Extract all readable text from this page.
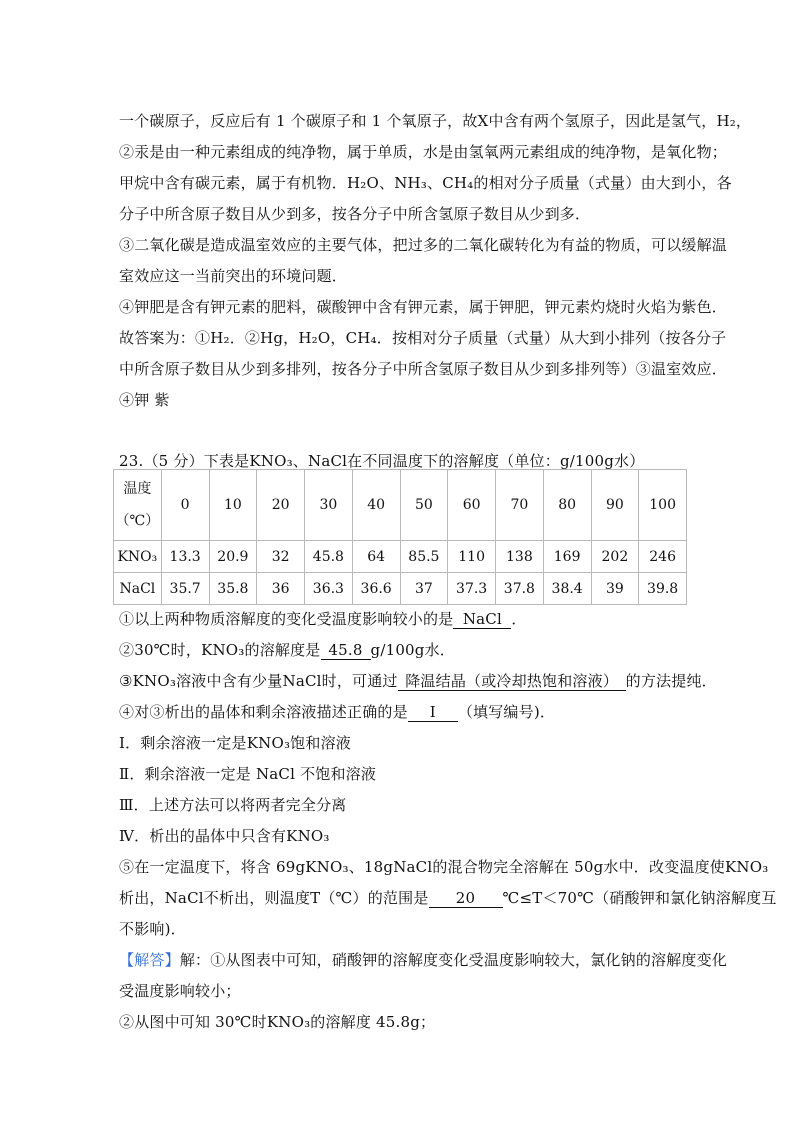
一个碳原子，反应后有 1 个碳原子和 1 个氧原子，故X中含有两个氢原子，因此是氢气，H₂，
②汞是由一种元素组成的纯净物，属于单质，水是由氢氧两元素组成的纯净物，是氧化物；
甲烷中含有碳元素，属于有机物．H₂O、NH₃、CH₄的相对分子质量（式量）由大到小，各
分子中所含原子数目从少到多，按各分子中所含氢原子数目从少到多．
③二氧化碳是造成温室效应的主要气体，把过多的二氧化碳转化为有益的物质，可以缓解温
室效应这一当前突出的环境问题．
④钾肥是含有钾元素的肥料，碳酸钾中含有钾元素，属于钾肥，钾元素灼烧时火焰为紫色．
故答案为：①H₂．②Hg，H₂O，CH₄．按相对分子质量（式量）从大到小排列（按各分子
中所含原子数目从少到多排列，按各分子中所含氢原子数目从少到多排列等）③温室效应．
④钾 紫
23.（5 分）下表是KNO₃、NaCl在不同温度下的溶解度（单位：g/100g水）
温度
（℃）	0	10	20	30	40	50	60	70	80	90	100
KNO₃	13.3	20.9	32	45.8	64	85.5	110	138	169	202	246
NaCl	35.7	35.8	36	36.3	36.6	37	37.3	37.8	38.4	39	39.8
①以上两种物质溶解度的变化受温度影响较小的是 NaCl ．
②30℃时，KNO₃的溶解度是 45.8 g/100g水．
③KNO₃溶液中含有少量NaCl时，可通过 降温结晶（或冷却热饱和溶液） 的方法提纯．
④对③析出的晶体和剩余溶液描述正确的是 I （填写编号)．
Ⅰ．剩余溶液一定是KNO₃饱和溶液
Ⅱ．剩余溶液一定是 NaCl 不饱和溶液
Ⅲ．上述方法可以将两者完全分离
Ⅳ．析出的晶体中只含有KNO₃
⑤在一定温度下，将含 69gKNO₃、18gNaCl的混合物完全溶解在 50g水中．改变温度使KNO₃
析出，NaCl不析出，则温度T（℃）的范围是 20 ℃≤T＜70℃（硝酸钾和氯化钠溶解度互
不影响)．
【解答】解：①从图表中可知，硝酸钾的溶解度变化受温度影响较大，氯化钠的溶解度变化
受温度影响较小；
②从图中可知 30℃时KNO₃的溶解度 45.8g；
